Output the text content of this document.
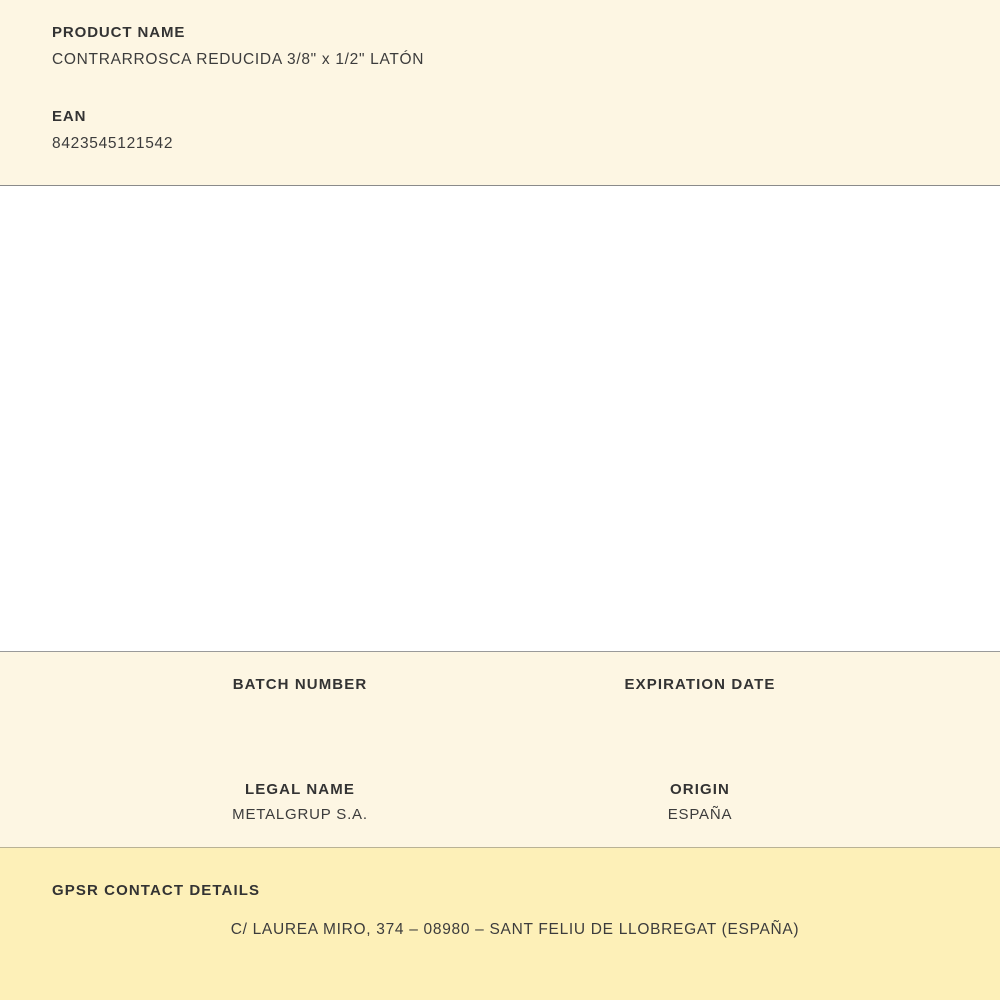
PRODUCT NAME

CONTRARROSCA REDUCIDA 3/8" x 1/2" LATÓN

EAN

8423545121542

BATCH NUMBER	EXPIRATION DATE

LEGAL NAME

METALGRUP S.A.

ORIGIN

ESPAÑA

GPSR CONTACT DETAILS

C/ LAUREA MIRO, 374 – 08980 – SANT FELIU DE LLOBREGAT (ESPAÑA)
